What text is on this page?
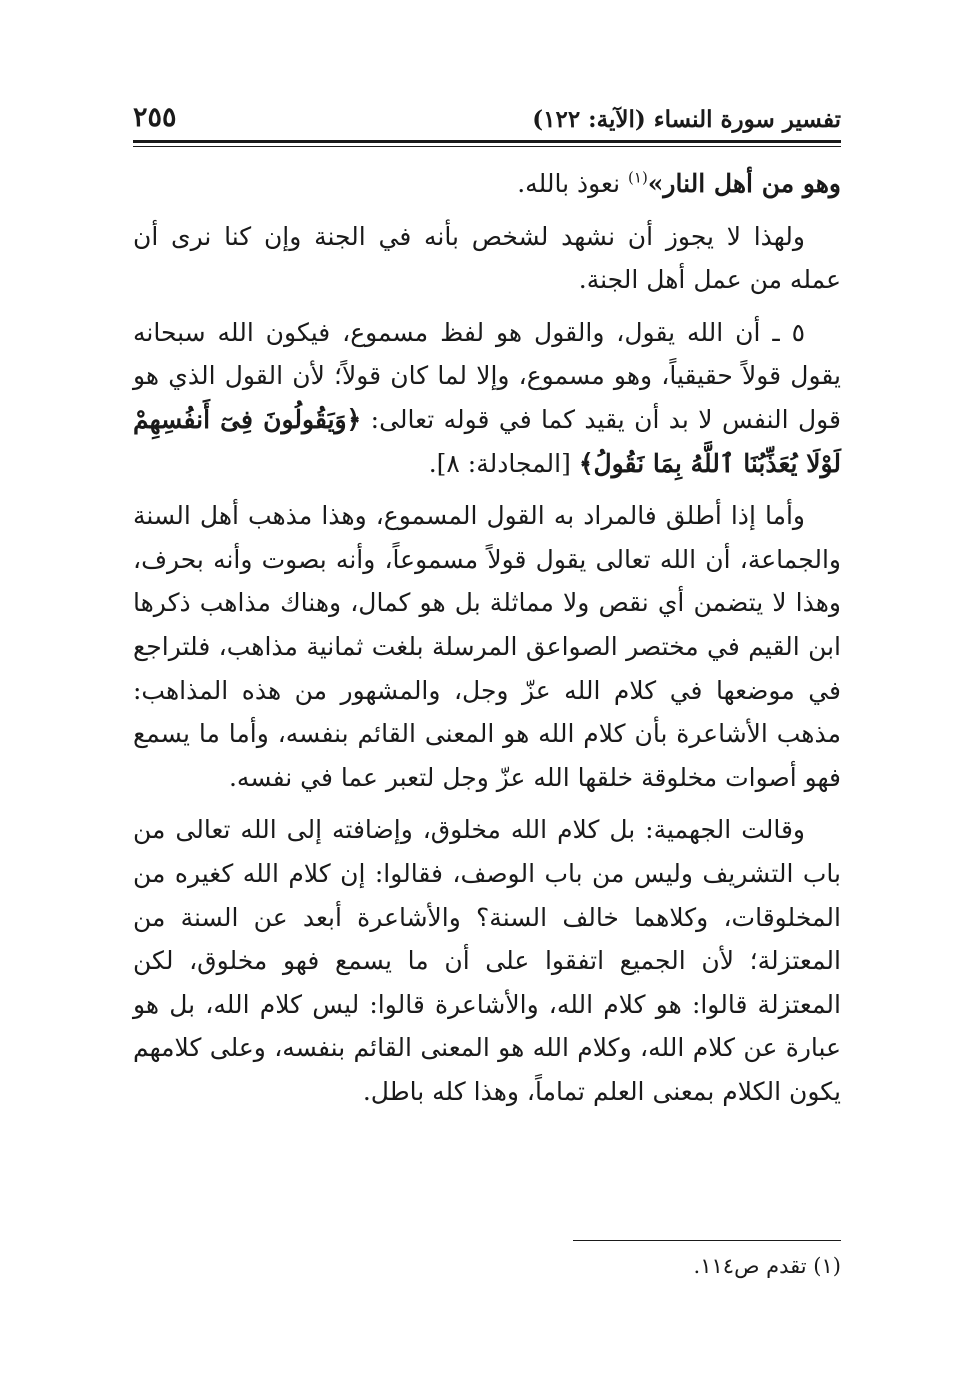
تفسير سورة النساء (الآية: ١٢٢)
٢٥٥

وهو من أهل النار»$^{(١)}$ نعوذ بالله.

ولهذا لا يجوز أن نشهد لشخص بأنه في الجنة وإن كنا نرى أن عمله من عمل أهل الجنة.

٥ ـ أن الله يقول، والقول هو لفظ مسموع، فيكون الله سبحانه يقول قولاً حقيقياً، وهو مسموع، وإلا لما كان قولاً؛ لأن القول الذي هو قول النفس لا بد أن يقيد كما في قوله تعالى: ﴿وَيَقُولُونَ فِىٓ أَنفُسِهِمْ لَوْلَا يُعَذِّبُنَا ٱللَّهُ بِمَا نَقُولُ﴾ [المجادلة: ٨].

وأما إذا أطلق فالمراد به القول المسموع، وهذا مذهب أهل السنة والجماعة، أن الله تعالى يقول قولاً مسموعاً، وأنه بصوت وأنه بحرف، وهذا لا يتضمن أي نقص ولا مماثلة بل هو كمال، وهناك مذاهب ذكرها ابن القيم في مختصر الصواعق المرسلة بلغت ثمانية مذاهب، فلتراجع في موضعها في كلام الله عزّ وجل، والمشهور من هذه المذاهب: مذهب الأشاعرة بأن كلام الله هو المعنى القائم بنفسه، وأما ما يسمع فهو أصوات مخلوقة خلقها الله عزّ وجل لتعبر عما في نفسه.

وقالت الجهمية: بل كلام الله مخلوق، وإضافته إلى الله تعالى من باب التشريف وليس من باب الوصف، فقالوا: إن كلام الله كغيره من المخلوقات، وكلاهما خالف السنة؟ والأشاعرة أبعد عن السنة من المعتزلة؛ لأن الجميع اتفقوا على أن ما يسمع فهو مخلوق، لكن المعتزلة قالوا: هو كلام الله، والأشاعرة قالوا: ليس كلام الله، بل هو عبارة عن كلام الله، وكلام الله هو المعنى القائم بنفسه، وعلى كلامهم يكون الكلام بمعنى العلم تماماً، وهذا كله باطل.

(١) تقدم ص١١٤.
